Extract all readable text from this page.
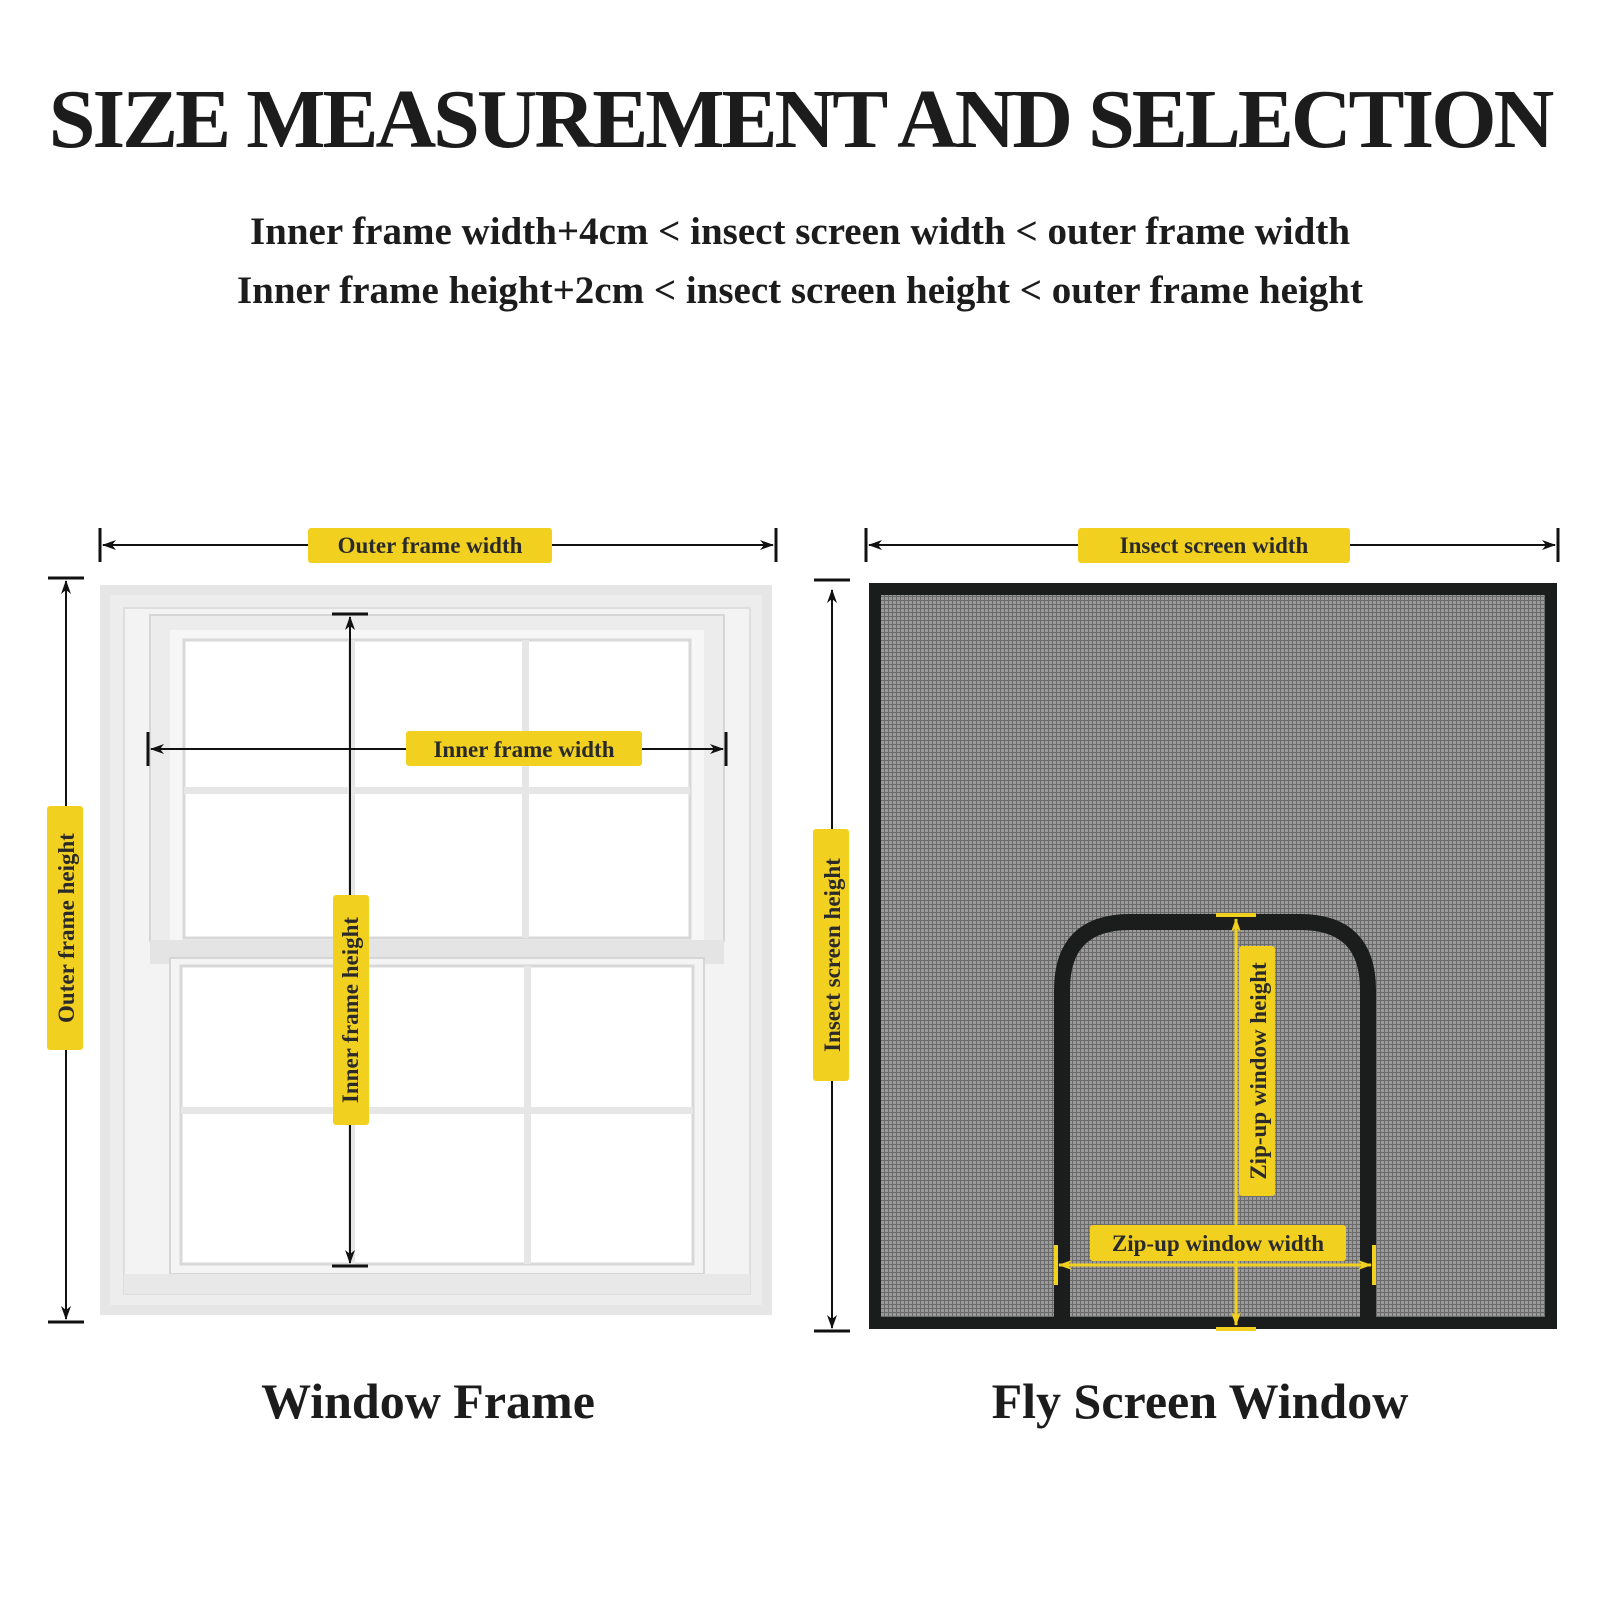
SIZE MEASUREMENT AND SELECTION
Inner frame width+4cm < insect screen width < outer frame width
Inner frame height+2cm < insect screen height < outer frame height
Outer frame width
Outer frame height
Inner frame width
Inner frame height
Insect screen width
Insect screen height
Zip-up window height
Zip-up window width
Window Frame	Fly Screen Window
